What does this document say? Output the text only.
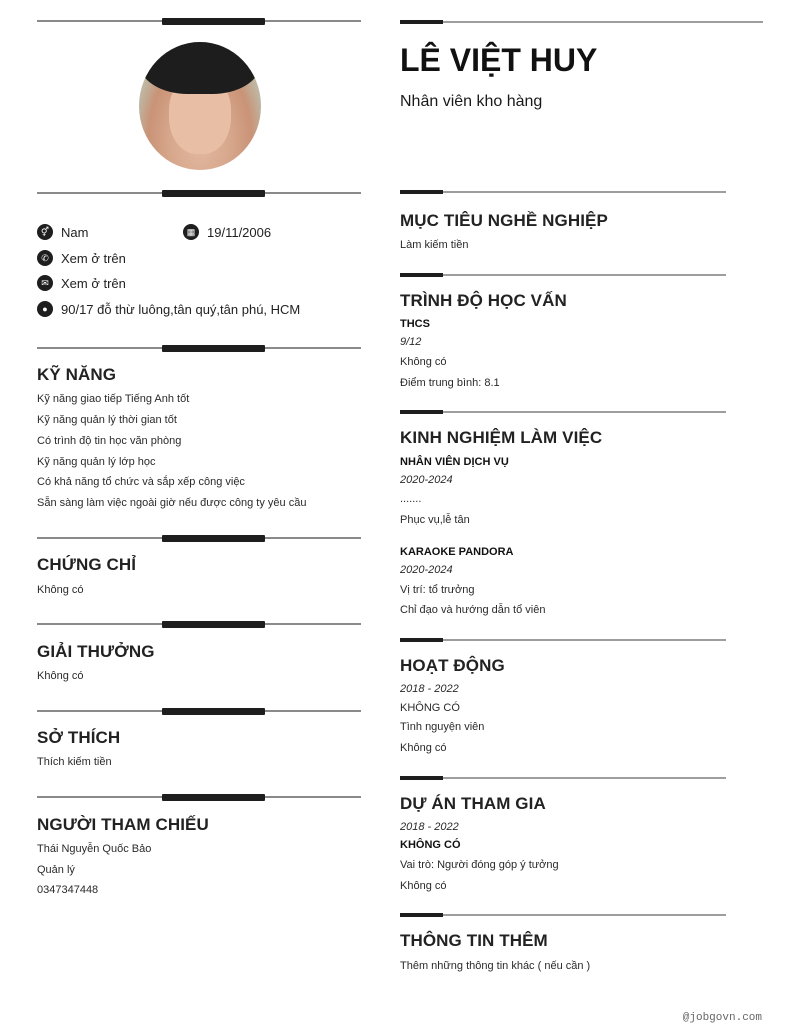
⚥ Nam	▦ 19/11/2006
✆ Xem ở trên
✉ Xem ở trên
●	90/17 đỗ thừ luông,tân quý,tân phú, HCM
KỸ NĂNG
Kỹ năng giao tiếp Tiếng Anh tốt
Kỹ năng quản lý thời gian tốt
Có trình độ tin học văn phòng
Kỹ năng quản lý lớp học
Có khả năng tổ chức và sắp xếp công việc
Sẵn sàng làm việc ngoài giờ nếu được công ty yêu cầu
CHỨNG CHỈ
Không có
GIẢI THƯỞNG
Không có
SỞ THÍCH
Thích kiếm tiền
NGƯỜI THAM CHIẾU
Thái Nguyễn Quốc Bảo
Quản lý
0347347448
LÊ VIỆT HUY
Nhân viên kho hàng
MỤC TIÊU NGHỀ NGHIỆP
Làm kiếm tiền
TRÌNH ĐỘ HỌC VẤN
THCS
9/12
Không có
Điểm trung bình: 8.1
KINH NGHIỆM LÀM VIỆC
NHÂN VIÊN DỊCH VỤ
2020-2024
.......
Phục vụ,lễ tân
KARAOKE PANDORA
2020-2024
Vị trí: tổ trưởng
Chỉ đạo và hướng dẫn tổ viên
HOẠT ĐỘNG
2018 - 2022
KHÔNG CÓ
Tình nguyện viên
Không có
DỰ ÁN THAM GIA
2018 - 2022
KHÔNG CÓ
Vai trò: Người đóng góp ý tưởng
Không có
THÔNG TIN THÊM
Thêm những thông tin khác ( nếu cần )
@jobgovn.com
